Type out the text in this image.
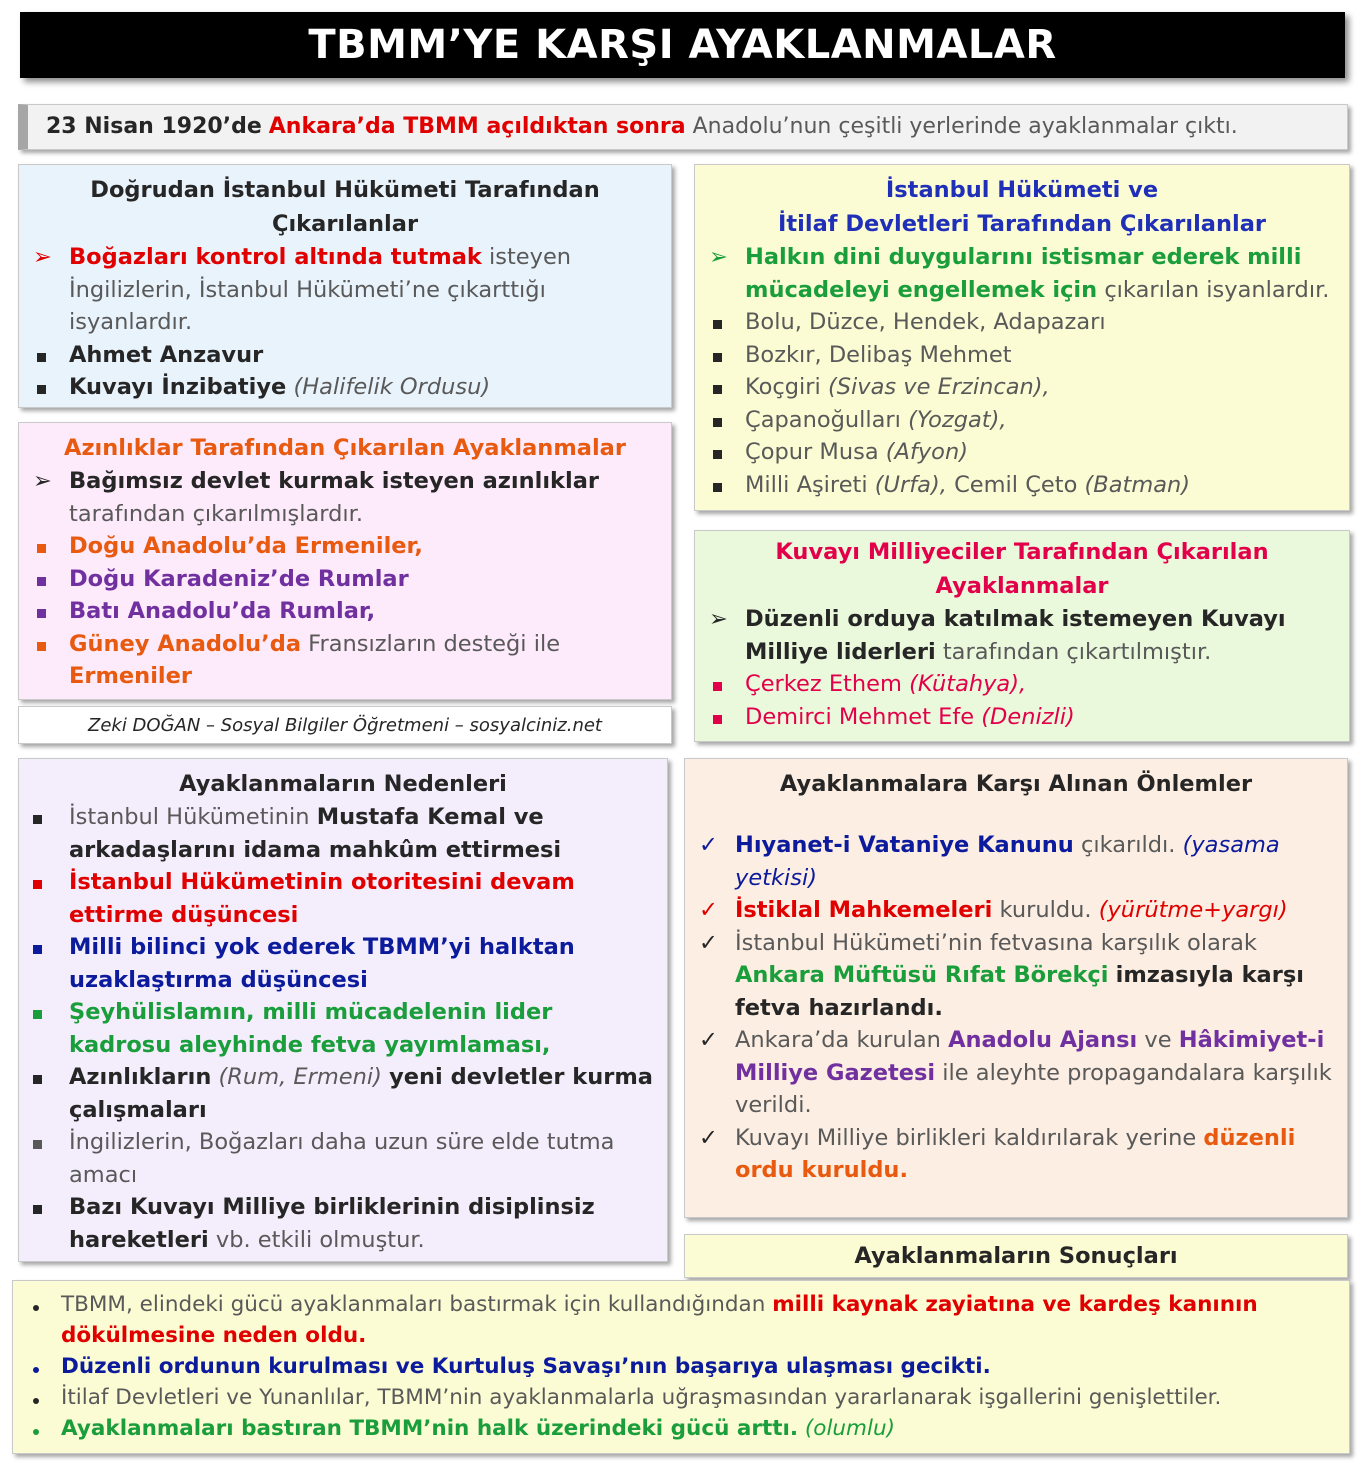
TBMM’YE KARŞI AYAKLANMALAR
23 Nisan 1920’de Ankara’da TBMM açıldıktan sonra Anadolu’nun çeşitli yerlerinde ayaklanmalar çıktı.
Doğrudan İstanbul Hükümeti Tarafından
Çıkarılanlar
➢ Boğazları kontrol altında tutmak isteyen İngilizlerin, İstanbul Hükümeti’ne çıkarttığı isyanlardır.
Ahmet Anzavur
Kuvayı İnzibatiye (Halifelik Ordusu)
İstanbul Hükümeti ve
İtilaf Devletleri Tarafından Çıkarılanlar
➢ Halkın dini duygularını istismar ederek milli mücadeleyi engellemek için çıkarılan isyanlardır.
Bolu, Düzce, Hendek, Adapazarı
Bozkır, Delibaş Mehmet
Koçgiri (Sivas ve Erzincan),
Çapanoğulları (Yozgat),
Çopur Musa (Afyon)
Milli Aşireti (Urfa), Cemil Çeto (Batman)
Azınlıklar Tarafından Çıkarılan Ayaklanmalar
➢ Bağımsız devlet kurmak isteyen azınlıklar tarafından çıkarılmışlardır.
Doğu Anadolu’da Ermeniler,
Doğu Karadeniz’de Rumlar
Batı Anadolu’da Rumlar,
Güney Anadolu’da Fransızların desteği ile Ermeniler
Zeki DOĞAN – Sosyal Bilgiler Öğretmeni – sosyalciniz.net
Kuvayı Milliyeciler Tarafından Çıkarılan
Ayaklanmalar
➢ Düzenli orduya katılmak istemeyen Kuvayı Milliye liderleri tarafından çıkartılmıştır.
Çerkez Ethem (Kütahya),
Demirci Mehmet Efe (Denizli)
Ayaklanmaların Nedenleri
İstanbul Hükümetinin Mustafa Kemal ve arkadaşlarını idama mahkûm ettirmesi
İstanbul Hükümetinin otoritesini devam ettirme düşüncesi
Milli bilinci yok ederek TBMM’yi halktan uzaklaştırma düşüncesi
Şeyhülislamın, milli mücadelenin lider kadrosu aleyhinde fetva yayımlaması,
Azınlıkların (Rum, Ermeni) yeni devletler kurma çalışmaları
İngilizlerin, Boğazları daha uzun süre elde tutma amacı
Bazı Kuvayı Milliye birliklerinin disiplinsiz hareketleri vb. etkili olmuştur.
Ayaklanmalara Karşı Alınan Önlemler
✓ Hıyanet-i Vataniye Kanunu çıkarıldı. (yasama yetkisi)
✓ İstiklal Mahkemeleri kuruldu. (yürütme+yargı)
✓ İstanbul Hükümeti’nin fetvasına karşılık olarak Ankara Müftüsü Rıfat Börekçi imzasıyla karşı fetva hazırlandı.
✓ Ankara’da kurulan Anadolu Ajansı ve Hâkimiyet-i Milliye Gazetesi ile aleyhte propagandalara karşılık verildi.
✓ Kuvayı Milliye birlikleri kaldırılarak yerine düzenli ordu kuruldu.
Ayaklanmaların Sonuçları
TBMM, elindeki gücü ayaklanmaları bastırmak için kullandığından milli kaynak zayiatına ve kardeş kanının dökülmesine neden oldu.
Düzenli ordunun kurulması ve Kurtuluş Savaşı’nın başarıya ulaşması gecikti.
İtilaf Devletleri ve Yunanlılar, TBMM’nin ayaklanmalarla uğraşmasından yararlanarak işgallerini genişlettiler.
Ayaklanmaları bastıran TBMM’nin halk üzerindeki gücü arttı. (olumlu)
